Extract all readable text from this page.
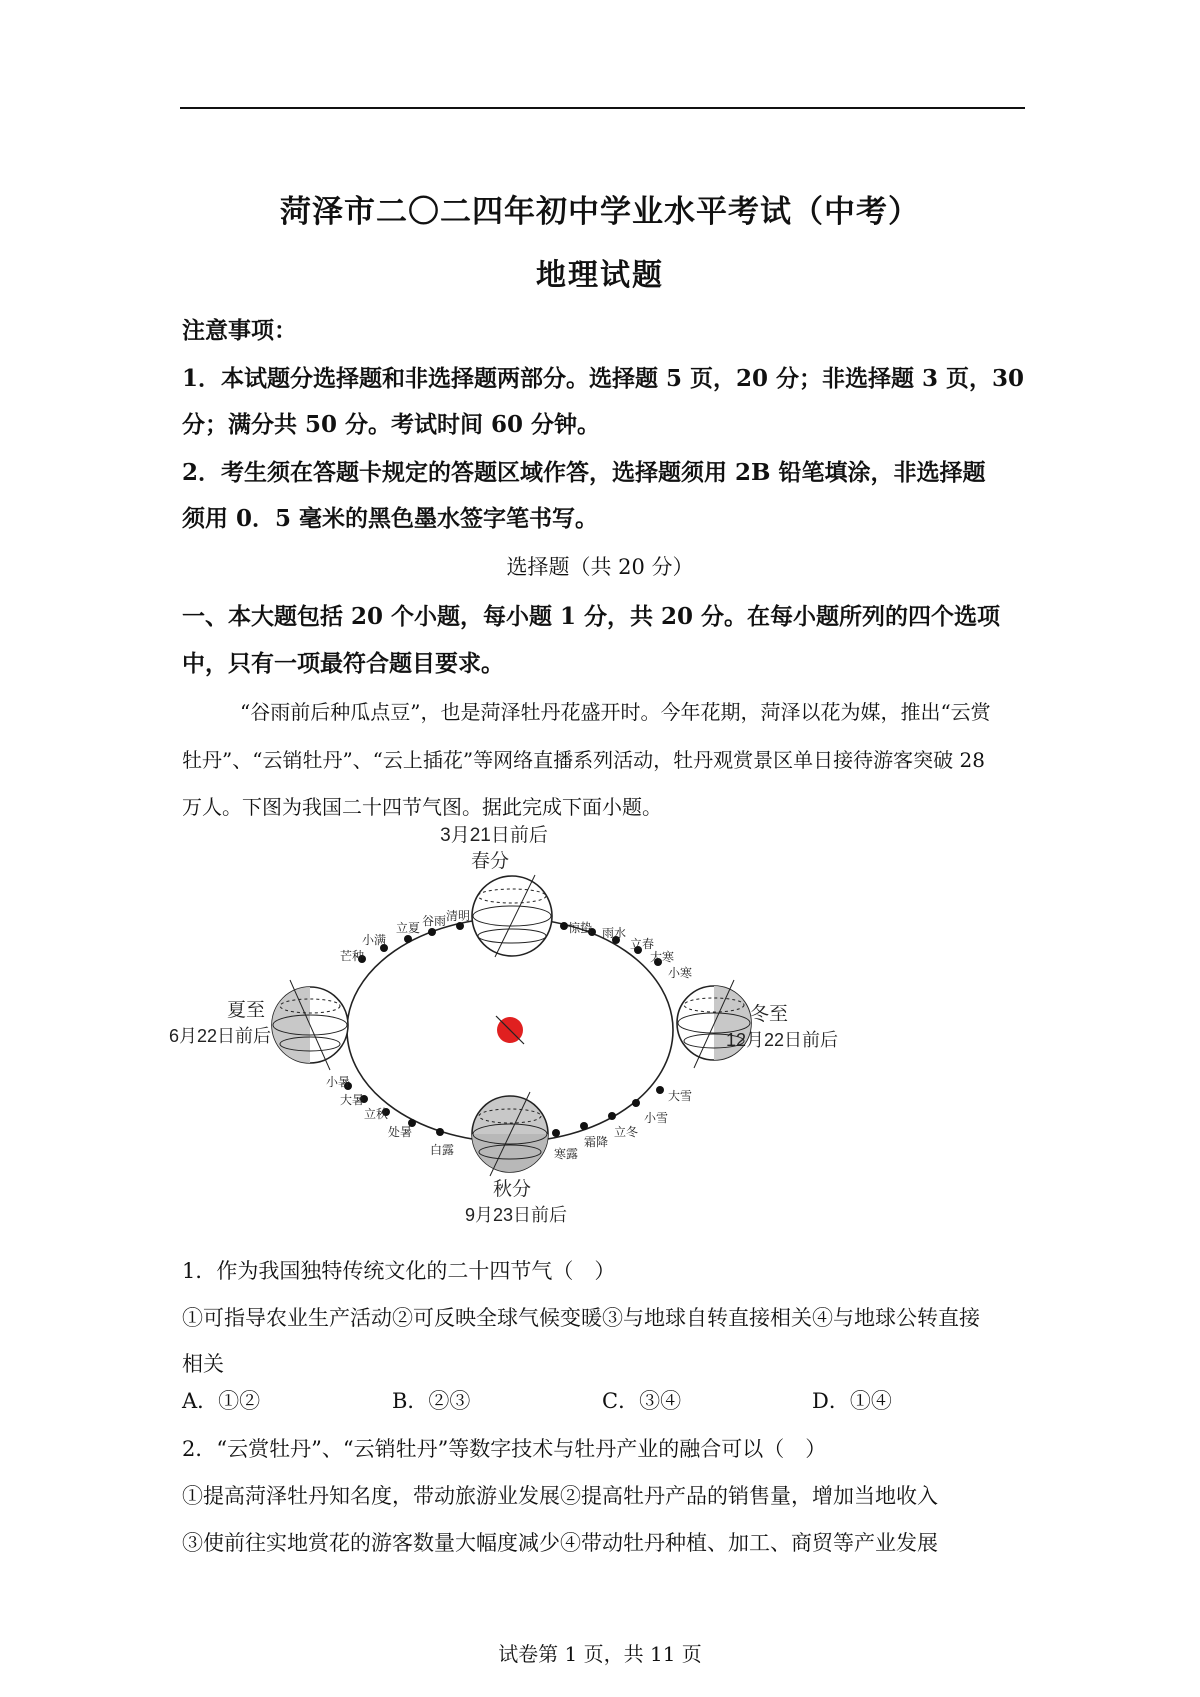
菏泽市二〇二四年初中学业水平考试（中考）
地理试题
注意事项：
1．本试题分选择题和非选择题两部分。选择题 5 页，20 分；非选择题 3 页，30
分；满分共 50 分。考试时间 60 分钟。
2．考生须在答题卡规定的答题区域作答，选择题须用 2B 铅笔填涂，非选择题
须用 0．5 毫米的黑色墨水签字笔书写。
选择题（共 20 分）
一、本大题包括 20 个小题，每小题 1 分，共 20 分。在每小题所列的四个选项
中，只有一项最符合题目要求。
“谷雨前后种瓜点豆”，也是菏泽牡丹花盛开时。今年花期，菏泽以花为媒，推出“云赏
牡丹”、“云销牡丹”、“云上插花”等网络直播系列活动，牡丹观赏景区单日接待游客突破 28
万人。下图为我国二十四节气图。据此完成下面小题。
3月21日前后
春分
夏至
6月22日前后
冬至
12月22日前后
秋分
9月23日前后
清明
谷雨
立夏
小满
芒种
惊蛰 雨水
立春
大寒
小寒
小暑
大暑
立秋
处暑
白露
大雪
小雪
立冬
霜降
寒露
1．作为我国独特传统文化的二十四节气（　）
①可指导农业生产活动②可反映全球气候变暖③与地球自转直接相关④与地球公转直接
相关
A．①②	B．②③	C．③④	D．①④
2．“云赏牡丹”、“云销牡丹”等数字技术与牡丹产业的融合可以（　）
①提高菏泽牡丹知名度，带动旅游业发展②提高牡丹产品的销售量，增加当地收入
③使前往实地赏花的游客数量大幅度减少④带动牡丹种植、加工、商贸等产业发展
试卷第 1 页，共 11 页
